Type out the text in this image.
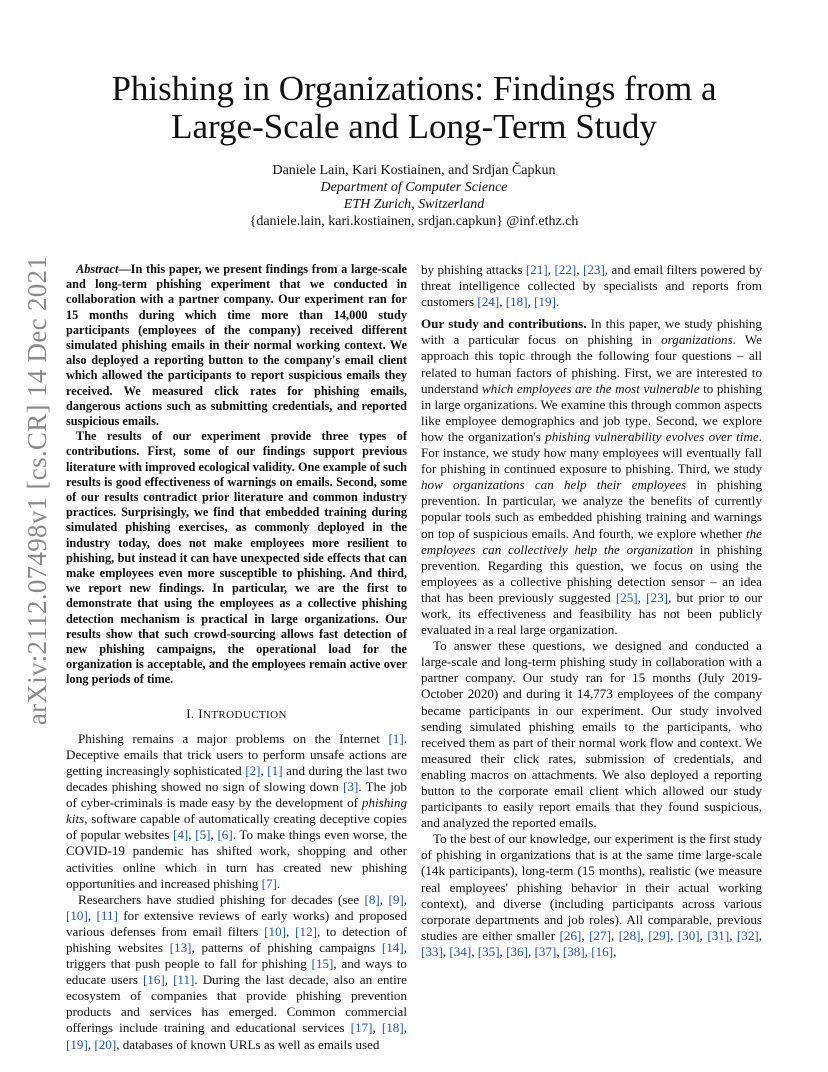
arXiv:2112.07498v1 [cs.CR] 14 Dec 2021
Phishing in Organizations: Findings from a
Large-Scale and Long-Term Study
Daniele Lain, Kari Kostiainen, and Srdjan Čapkun
Department of Computer Science
ETH Zurich, Switzerland
{daniele.lain, kari.kostiainen, srdjan.capkun} @inf.ethz.ch

Abstract—In this paper, we present findings from a large-scale and long-term phishing experiment that we conducted in collaboration with a partner company. Our experiment ran for 15 months during which time more than 14,000 study participants (employees of the company) received different simulated phishing emails in their normal working context. We also deployed a reporting button to the company's email client which allowed the participants to report suspicious emails they received. We measured click rates for phishing emails, dangerous actions such as submitting credentials, and reported suspicious emails.

The results of our experiment provide three types of contributions. First, some of our findings support previous literature with improved ecological validity. One example of such results is good effectiveness of warnings on emails. Second, some of our results contradict prior literature and common industry practices. Surprisingly, we find that embedded training during simulated phishing exercises, as commonly deployed in the industry today, does not make employees more resilient to phishing, but instead it can have unexpected side effects that can make employees even more susceptible to phishing. And third, we report new findings. In particular, we are the first to demonstrate that using the employees as a collective phishing detection mechanism is practical in large organizations. Our results show that such crowd-sourcing allows fast detection of new phishing campaigns, the operational load for the organization is acceptable, and the employees remain active over long periods of time.

I. INTRODUCTION

Phishing remains a major problems on the Internet [1]. Deceptive emails that trick users to perform unsafe actions are getting increasingly sophisticated [2], [1] and during the last two decades phishing showed no sign of slowing down [3]. The job of cyber-criminals is made easy by the development of phishing kits, software capable of automatically creating deceptive copies of popular websites [4], [5], [6]. To make things even worse, the COVID-19 pandemic has shifted work, shopping and other activities online which in turn has created new phishing opportunities and increased phishing [7].

Researchers have studied phishing for decades (see [8], [9], [10], [11] for extensive reviews of early works) and proposed various defenses from email filters [10], [12], to detection of phishing websites [13], patterns of phishing campaigns [14], triggers that push people to fall for phishing [15], and ways to educate users [16], [11]. During the last decade, also an entire ecosystem of companies that provide phishing prevention products and services has emerged. Common commercial offerings include training and educational services [17], [18], [19], [20], databases of known URLs as well as emails used

by phishing attacks [21], [22], [23], and email filters powered by threat intelligence collected by specialists and reports from customers [24], [18], [19].

Our study and contributions. In this paper, we study phishing with a particular focus on phishing in organizations. We approach this topic through the following four questions – all related to human factors of phishing. First, we are interested to understand which employees are the most vulnerable to phishing in large organizations. We examine this through common aspects like employee demographics and job type. Second, we explore how the organization's phishing vulnerability evolves over time. For instance, we study how many employees will eventually fall for phishing in continued exposure to phishing. Third, we study how organizations can help their employees in phishing prevention. In particular, we analyze the benefits of currently popular tools such as embedded phishing training and warnings on top of suspicious emails. And fourth, we explore whether the employees can collectively help the organization in phishing prevention. Regarding this question, we focus on using the employees as a collective phishing detection sensor – an idea that has been previously suggested [25], [23], but prior to our work, its effectiveness and feasibility has not been publicly evaluated in a real large organization.

To answer these questions, we designed and conducted a large-scale and long-term phishing study in collaboration with a partner company. Our study ran for 15 months (July 2019-October 2020) and during it 14,773 employees of the company became participants in our experiment. Our study involved sending simulated phishing emails to the participants, who received them as part of their normal work flow and context. We measured their click rates, submission of credentials, and enabling macros on attachments. We also deployed a reporting button to the corporate email client which allowed our study participants to easily report emails that they found suspicious, and analyzed the reported emails.

To the best of our knowledge, our experiment is the first study of phishing in organizations that is at the same time large-scale (14k participants), long-term (15 months), realistic (we measure real employees' phishing behavior in their actual working context), and diverse (including participants across various corporate departments and job roles). All comparable, previous studies are either smaller [26], [27], [28], [29], [30], [31], [32], [33], [34], [35], [36], [37], [38], [16],
